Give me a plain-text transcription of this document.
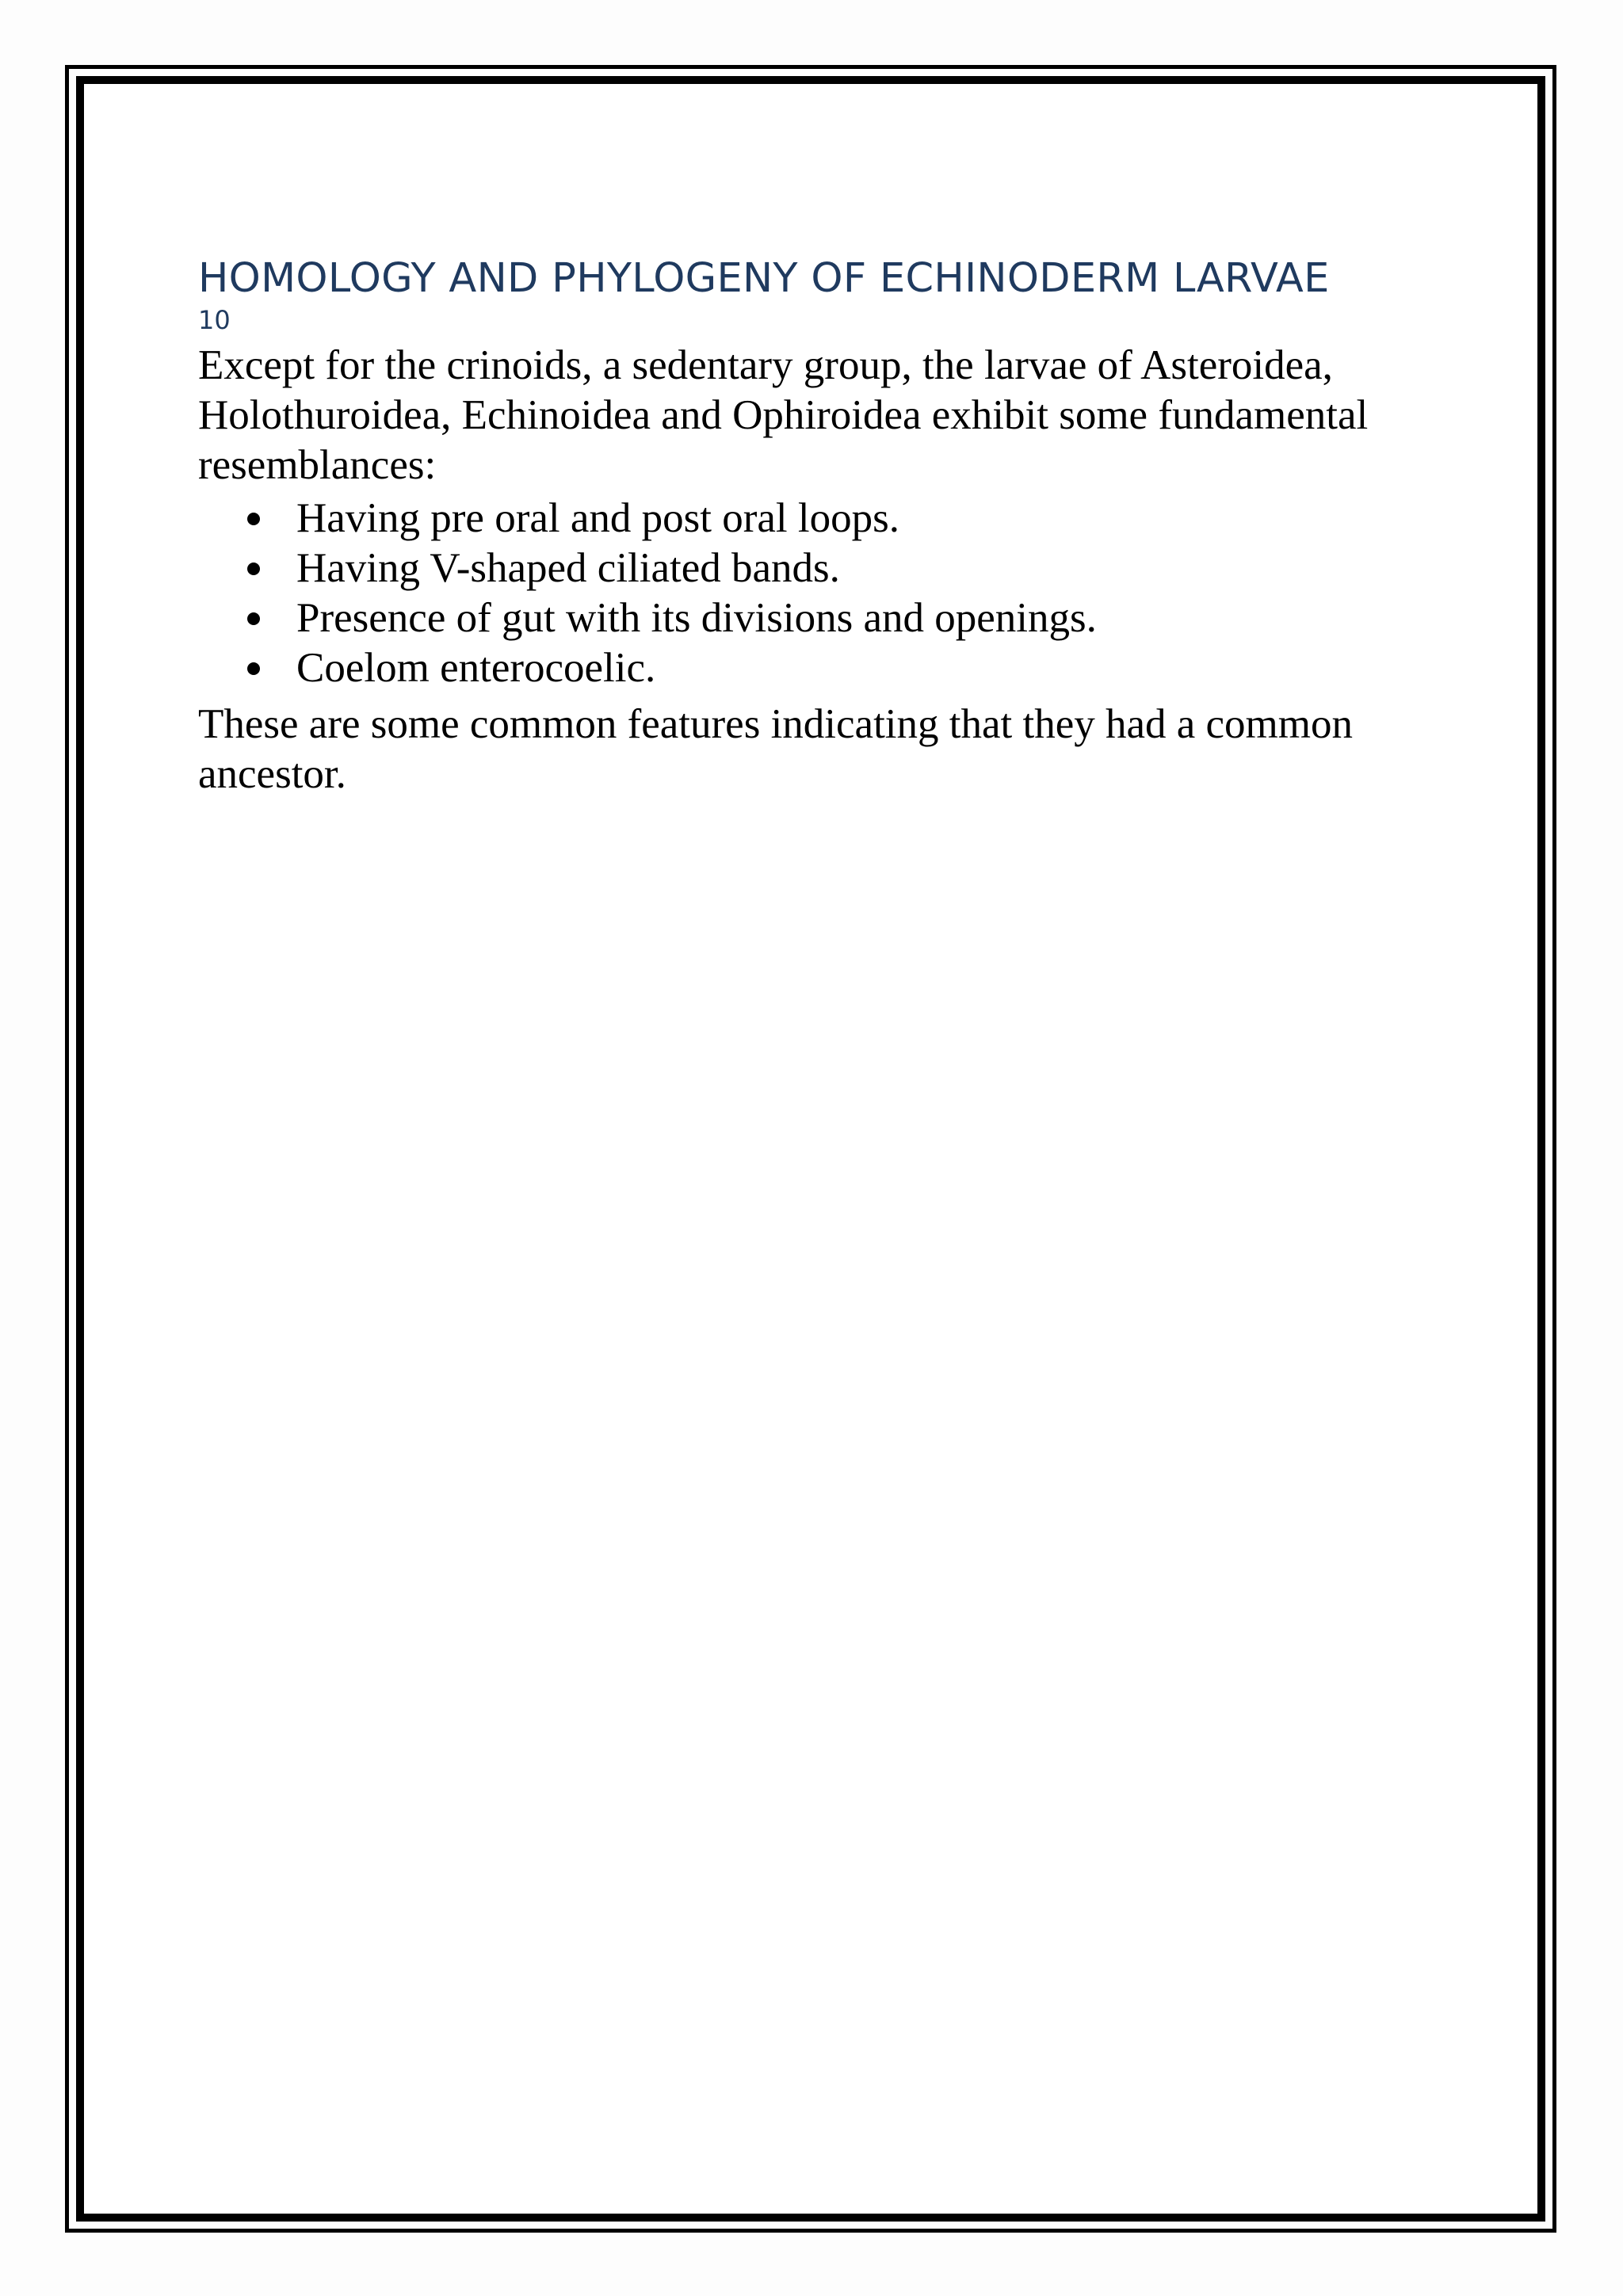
HOMOLOGY AND PHYLOGENY OF ECHINODERM LARVAE
10

Except for the crinoids, a sedentary group, the larvae of Asteroidea, Holothuroidea, Echinoidea and Ophiroidea exhibit some fundamental resemblances:

Having pre oral and post oral loops.
Having V-shaped ciliated bands.
Presence of gut with its divisions and openings.
Coelom enterocoelic.

These are some common features indicating that they had a common ancestor.
